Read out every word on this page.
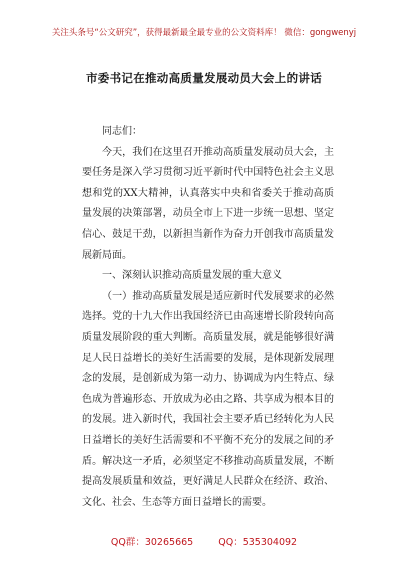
关注头条号“公文研究”，获得最新最全最专业的公文资料库！ 微信：gongwenyj
市委书记在推动高质量发展动员大会上的讲话

同志们：

今天，我们在这里召开推动高质量发展动员大会，主要任务是深入学习贯彻习近平新时代中国特色社会主义思想和党的XX大精神，认真落实中央和省委关于推动高质量发展的决策部署，动员全市上下进一步统一思想、坚定信心、鼓足干劲，以新担当新作为奋力开创我市高质量发展新局面。

一、深刻认识推动高质量发展的重大意义

（一）推动高质量发展是适应新时代发展要求的必然选择。党的十九大作出我国经济已由高速增长阶段转向高质量发展阶段的重大判断。高质量发展，就是能够很好满足人民日益增长的美好生活需要的发展，是体现新发展理念的发展，是创新成为第一动力、协调成为内生特点、绿色成为普遍形态、开放成为必由之路、共享成为根本目的的发展。进入新时代，我国社会主要矛盾已经转化为人民日益增长的美好生活需要和不平衡不充分的发展之间的矛盾。解决这一矛盾，必须坚定不移推动高质量发展，不断提高发展质量和效益，更好满足人民群众在经济、政治、文化、社会、生态等方面日益增长的需要。

QQ群：30265665	QQ：535304092
